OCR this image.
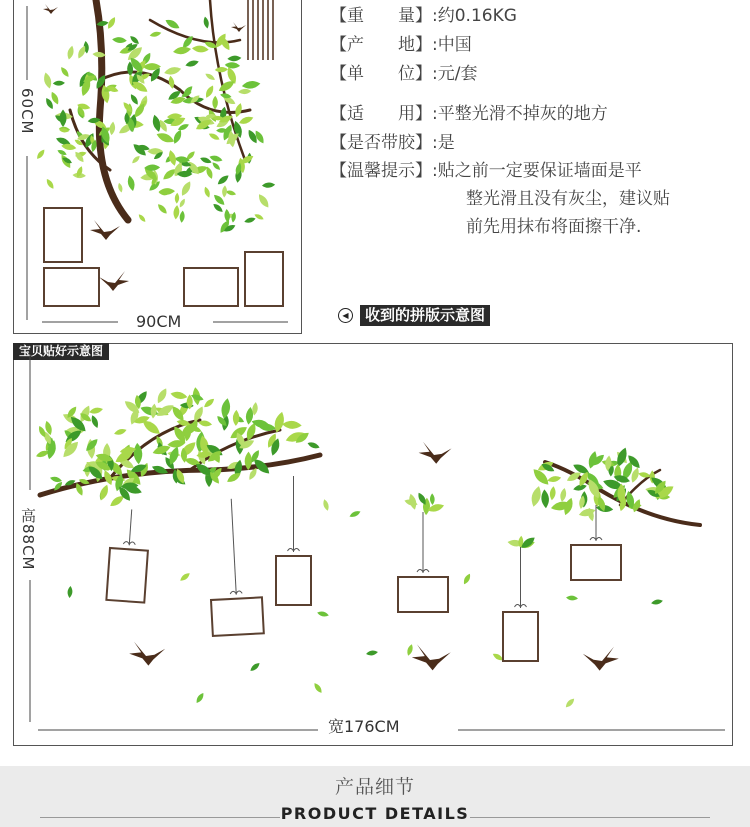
60CM
90CM
【重　　量】:约0.16KG
【产　　地】:中国
【单　　位】:元/套
【适　　用】:平整光滑不掉灰的地方
【是否带胶】:是
【温馨提示】:贴之前一定要保证墙面是平
整光滑且没有灰尘，建议贴
前先用抹布将面擦干净.
◀	收到的拼版示意图
宝贝贴好示意图
高88CM
宽176CM
产品细节
PRODUCT DETAILS
